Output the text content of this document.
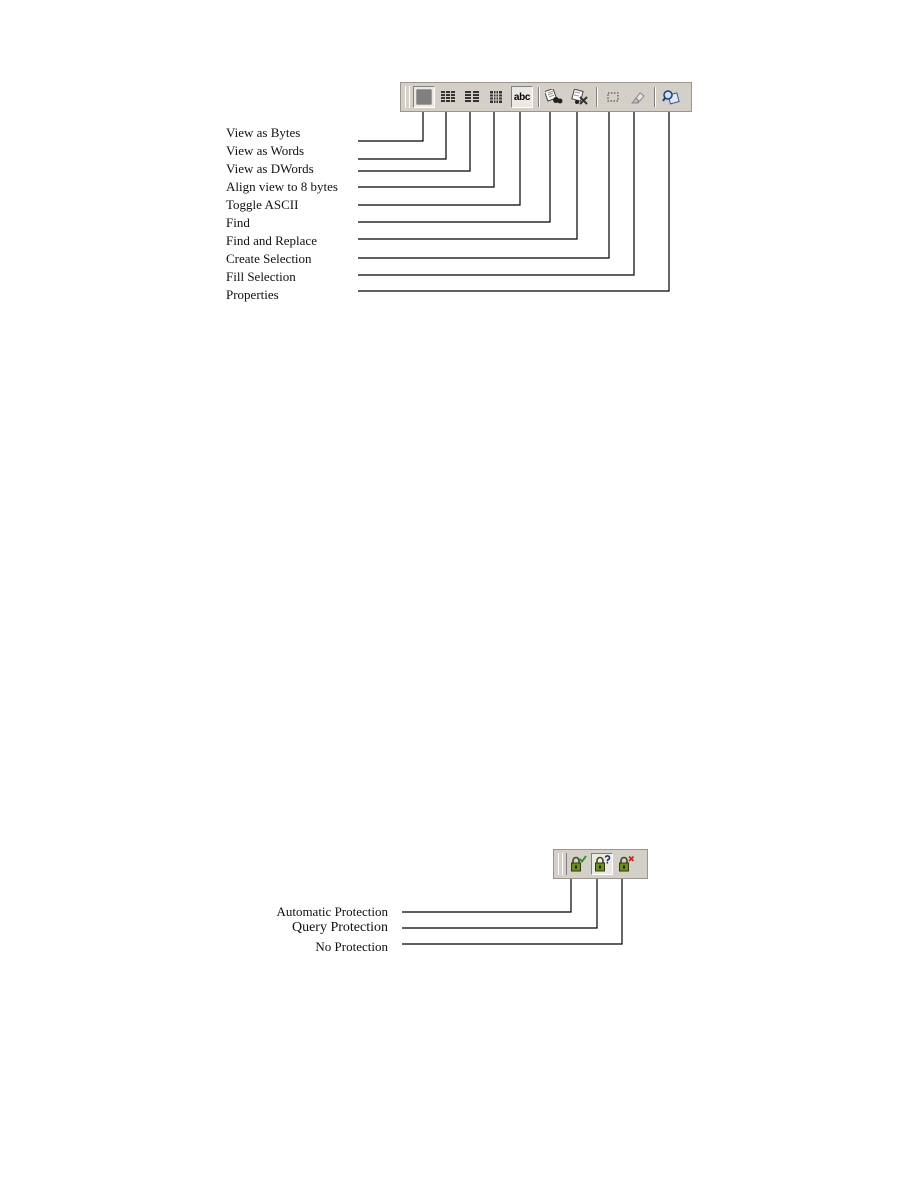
abc
View as Bytes
View as Words
View as DWords
Align view to 8 bytes
Toggle ASCII
Find
Find and Replace
Create Selection
Fill Selection
Properties
Automatic Protection
Query Protection
No Protection
